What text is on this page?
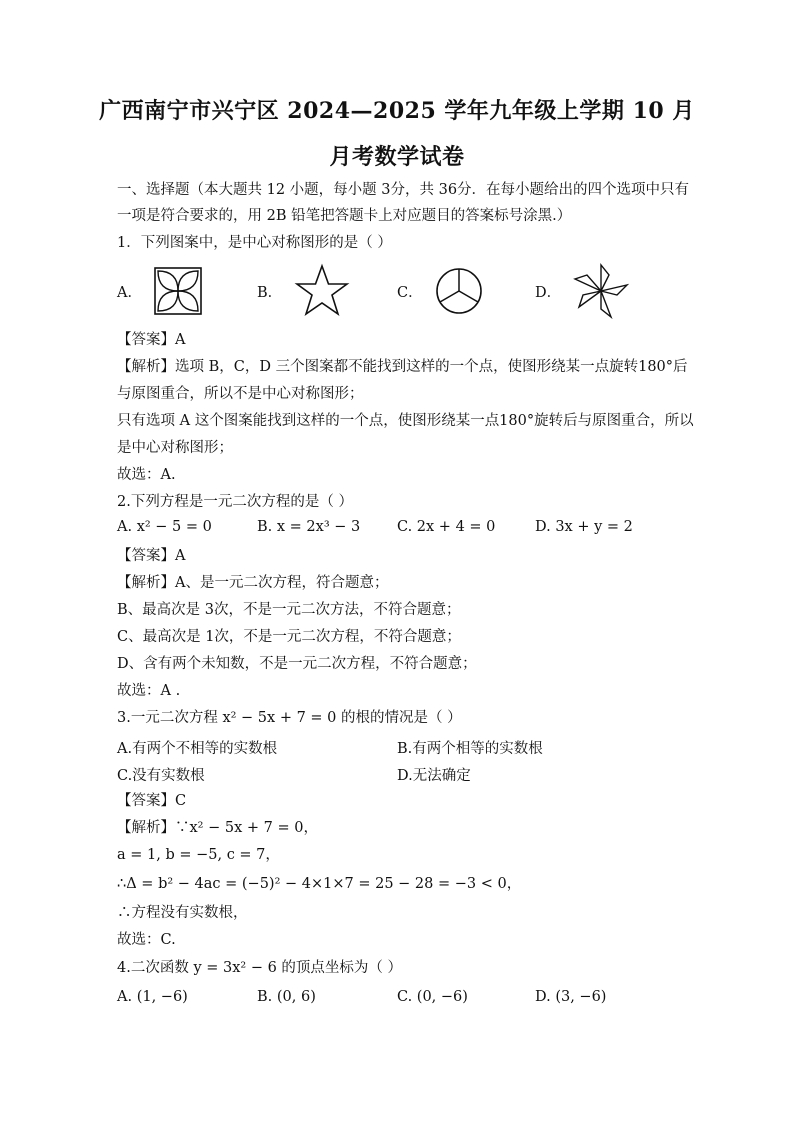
广西南宁市兴宁区 2024—2025 学年九年级上学期 10 月
月考数学试卷
一、选择题（本大题共 12 小题，每小题 3分，共 36分．在每小题给出的四个选项中只有
一项是符合要求的，用 2B 铅笔把答题卡上对应题目的答案标号涂黑.）
1．下列图案中，是中心对称图形的是（ ）
A．	B．	C．	D．
【答案】A
【解析】选项 B，C，D 三个图案都不能找到这样的一个点，使图形绕某一点旋转180°后
与原图重合，所以不是中心对称图形；
只有选项 A 这个图案能找到这样的一个点，使图形绕某一点180°旋转后与原图重合，所以
是中心对称图形；
故选：A.
2.下列方程是一元二次方程的是（ ）
A. x² − 5 = 0	B. x = 2x³ − 3	C. 2x + 4 = 0	D. 3x + y = 2
【答案】A
【解析】A、是一元二次方程，符合题意；
B、最高次是 3次，不是一元二次方法，不符合题意；
C、最高次是 1次，不是一元二次方程，不符合题意；
D、含有两个未知数，不是一元二次方程，不符合题意；
故选：A .
3.一元二次方程 x² − 5x + 7 = 0 的根的情况是（ ）
A.有两个不相等的实数根	B.有两个相等的实数根
C.没有实数根	D.无法确定
【答案】C
【解析】∵x² − 5x + 7 = 0，
a = 1, b = −5, c = 7，
∴Δ = b² − 4ac = (−5)² − 4×1×7 = 25 − 28 = −3 < 0，
∴方程没有实数根，
故选：C.
4.二次函数 y = 3x² − 6 的顶点坐标为（ ）
A. (1, −6)	B. (0, 6)	C. (0, −6)	D. (3, −6)
